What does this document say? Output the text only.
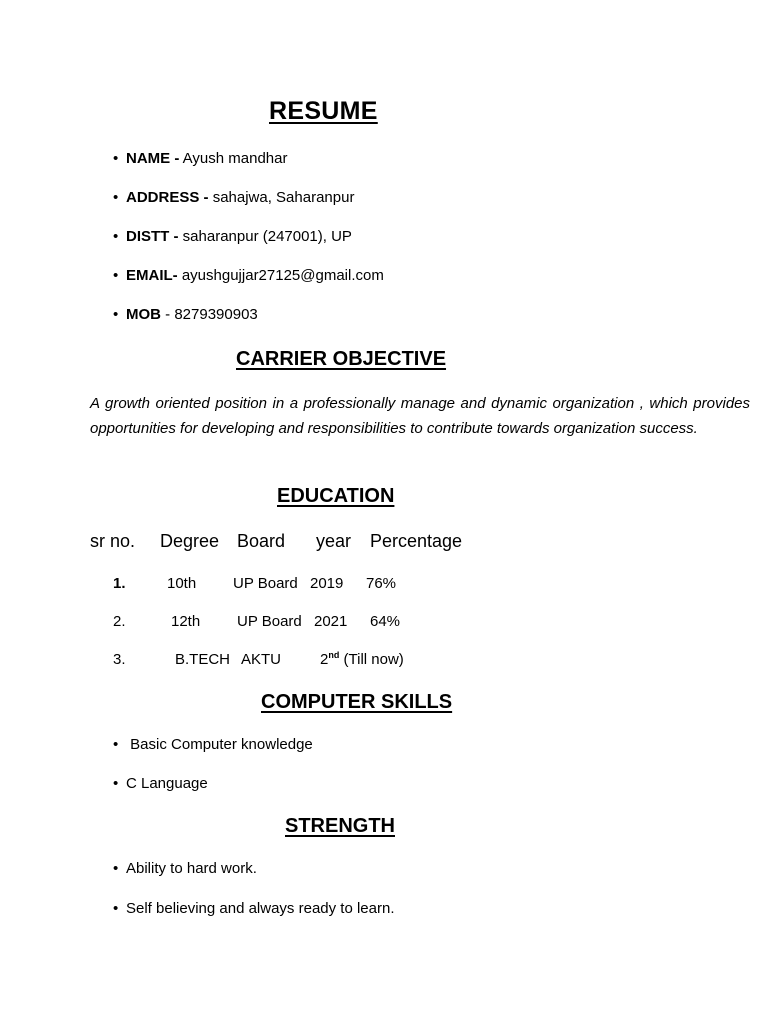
RESUME
•NAME - Ayush mandhar
•ADDRESS - sahajwa, Saharanpur
•DISTT - saharanpur (247001), UP
•EMAIL- ayushgujjar27125@gmail.com
•MOB - 8279390903
CARRIER OBJECTIVE
A growth oriented position in a professionally manage and dynamic organization , which provides opportunities for developing and responsibilities to contribute towards organization success.
EDUCATION
sr no. Degree Board year Percentage
1.	10th UP Board 2019 76%
2.	12th UP Board 2021 64%
3.	B.TECH AKTU	2nd (Till now)
COMPUTER SKILLS
• Basic Computer knowledge
•C Language
STRENGTH
•Ability to hard work.
•Self believing and always ready to learn.
